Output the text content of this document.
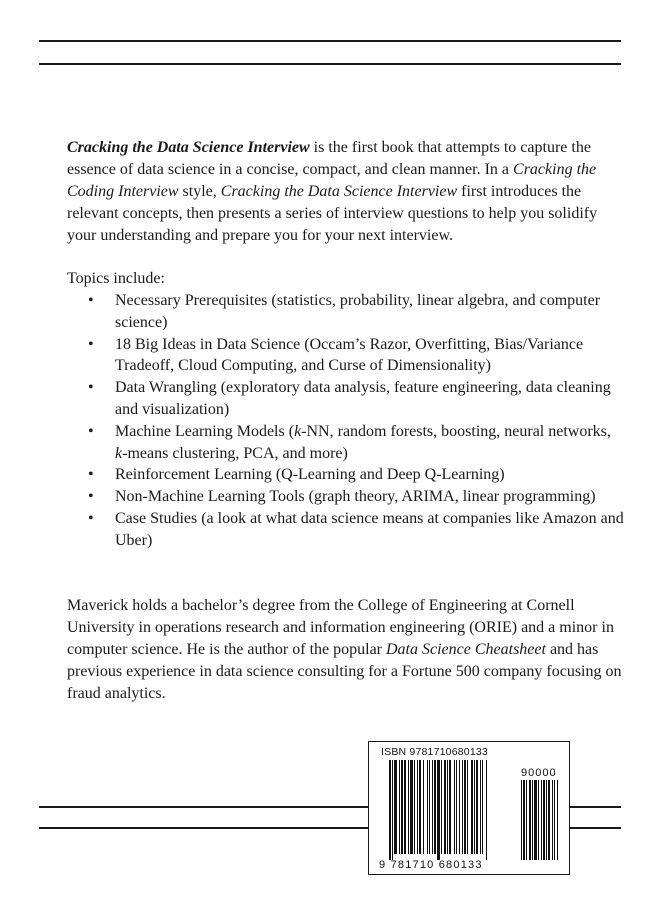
Cracking the Data Science Interview is the first book that attempts to capture the essence of data science in a concise, compact, and clean manner. In a Cracking the Coding Interview style, Cracking the Data Science Interview first introduces the relevant concepts, then presents a series of interview questions to help you solidify your understanding and prepare you for your next interview.
Topics include:
• Necessary Prerequisites (statistics, probability, linear algebra, and computer science)
• 18 Big Ideas in Data Science (Occam’s Razor, Overfitting, Bias/Variance Tradeoff, Cloud Computing, and Curse of Dimensionality)
• Data Wrangling (exploratory data analysis, feature engineering, data cleaning and visualization)
• Machine Learning Models (k-NN, random forests, boosting, neural networks, k-means clustering, PCA, and more)
• Reinforcement Learning (Q-Learning and Deep Q-Learning)
• Non-Machine Learning Tools (graph theory, ARIMA, linear programming)
• Case Studies (a look at what data science means at companies like Amazon and Uber)
Maverick holds a bachelor’s degree from the College of Engineering at Cornell University in operations research and information engineering (ORIE) and a minor in computer science. He is the author of the popular Data Science Cheatsheet and has previous experience in data science consulting for a Fortune 500 company focusing on fraud analytics.
ISBN 9781710680133
90000
9 781710 680133
